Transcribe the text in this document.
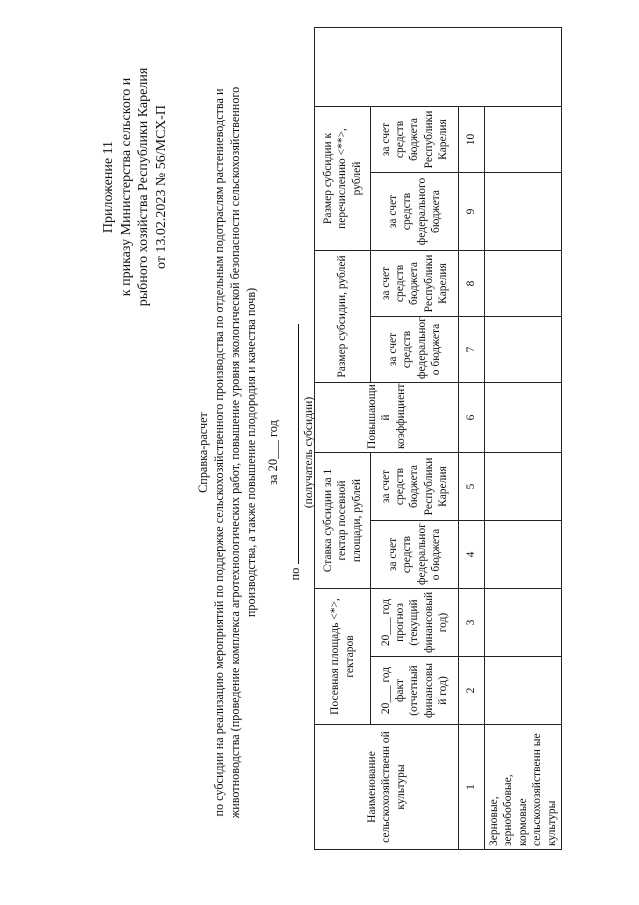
Приложение 11 к приказу Министерства сельского и рыбного хозяйства Республики Карелия от 13.02.2023 № 56/МСХ-П
Справка-расчет по субсидии на реализацию мероприятий по поддержке сельскохозяйственного производства по отдельным подотраслям растениеводства и животноводства (проведение комплекса агротехнологических работ, повышение уровня экологической безопасности сельскохозяйственного производства, а также повышение плодородия и качества почв) за 20___ год
по
(получатель субсидии)
Наименование сельскохозяйственн ой культуры	Посевная площадь <*>, гектаров		Ставка субсидии за 1 гектар посевной площади, рублей		Повышающи й коэффициент	Размер субсидии, рублей		Размер субсидии к перечислению <**>, рублей		
	20___ год факт (отчетный финансовы й год)	20___ год прогноз (текущий финансовый год)	за счет средств федеральног о бюджета	за счет средств бюджета Республики Карелия		за счет средств федеральног о бюджета	за счет средств бюджета Республики Карелия	за счет средств федерального бюджета	за счет средств бюджета Республики Карелия	
1	2	3	4	5	6	7	8	9	10	
Зерновые, зернобобовые, кормовые сельскохозяйственн ые культуры										
